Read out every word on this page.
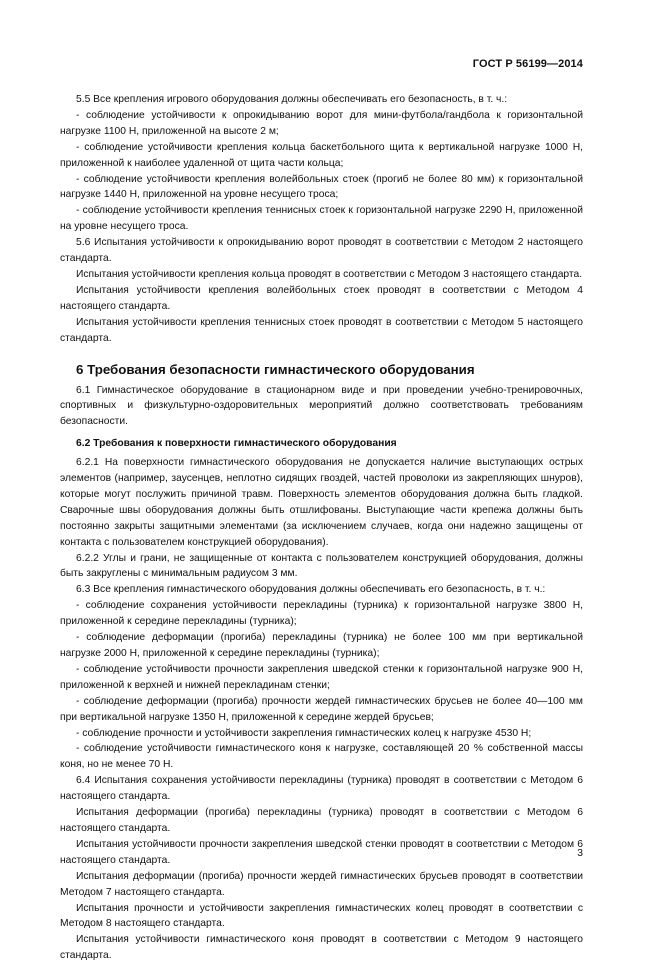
ГОСТ Р 56199—2014

5.5 Все крепления игрового оборудования должны обеспечивать его безопасность, в т. ч.:

- соблюдение устойчивости к опрокидыванию ворот для мини-футбола/гандбола к горизонтальной нагрузке 1100 Н, приложенной на высоте 2 м;

- соблюдение устойчивости крепления кольца баскетбольного щита к вертикальной нагрузке 1000 Н, приложенной к наиболее удаленной от щита части кольца;

- соблюдение устойчивости крепления волейбольных стоек (прогиб не более 80 мм) к горизонтальной нагрузке 1440 Н, приложенной на уровне несущего троса;

- соблюдение устойчивости крепления теннисных стоек к горизонтальной нагрузке 2290 Н, приложенной на уровне несущего троса.

5.6 Испытания устойчивости к опрокидыванию ворот проводят в соответствии с Методом 2 настоящего стандарта.

Испытания устойчивости крепления кольца проводят в соответствии с Методом 3 настоящего стандарта.

Испытания устойчивости крепления волейбольных стоек проводят в соответствии с Методом 4 настоящего стандарта.

Испытания устойчивости крепления теннисных стоек проводят в соответствии с Методом 5 настоящего стандарта.

6 Требования безопасности гимнастического оборудования

6.1 Гимнастическое оборудование в стационарном виде и при проведении учебно-тренировочных, спортивных и физкультурно-оздоровительных мероприятий должно соответствовать требованиям безопасности.

6.2 Требования к поверхности гимнастического оборудования

6.2.1 На поверхности гимнастического оборудования не допускается наличие выступающих острых элементов (например, заусенцев, неплотно сидящих гвоздей, частей проволоки из закрепляющих шнуров), которые могут послужить причиной травм. Поверхность элементов оборудования должна быть гладкой. Сварочные швы оборудования должны быть отшлифованы. Выступающие части крепежа должны быть постоянно закрыты защитными элементами (за исключением случаев, когда они надежно защищены от контакта с пользователем конструкцией оборудования).

6.2.2 Углы и грани, не защищенные от контакта с пользователем конструкцией оборудования, должны быть закруглены с минимальным радиусом 3 мм.

6.3 Все крепления гимнастического оборудования должны обеспечивать его безопасность, в т. ч.:

- соблюдение сохранения устойчивости перекладины (турника) к горизонтальной нагрузке 3800 Н, приложенной к середине перекладины (турника);

- соблюдение деформации (прогиба) перекладины (турника) не более 100 мм при вертикальной нагрузке 2000 Н, приложенной к середине перекладины (турника);

- соблюдение устойчивости прочности закрепления шведской стенки к горизонтальной нагрузке 900 Н, приложенной к верхней и нижней перекладинам стенки;

- соблюдение деформации (прогиба) прочности жердей гимнастических брусьев не более 40—100 мм при вертикальной нагрузке 1350 Н, приложенной к середине жердей брусьев;

- соблюдение прочности и устойчивости закрепления гимнастических колец к нагрузке 4530 Н;

- соблюдение устойчивости гимнастического коня к нагрузке, составляющей 20 % собственной массы коня, но не менее 70 Н.

6.4 Испытания сохранения устойчивости перекладины (турника) проводят в соответствии с Методом 6 настоящего стандарта.

Испытания деформации (прогиба) перекладины (турника) проводят в соответствии с Методом 6 настоящего стандарта.

Испытания устойчивости прочности закрепления шведской стенки проводят в соответствии с Методом 6 настоящего стандарта.

Испытания деформации (прогиба) прочности жердей гимнастических брусьев проводят в соответствии Методом 7 настоящего стандарта.

Испытания прочности и устойчивости закрепления гимнастических колец проводят в соответствии с Методом 8 настоящего стандарта.

Испытания устойчивости гимнастического коня проводят в соответствии с Методом 9 настоящего стандарта.

3
